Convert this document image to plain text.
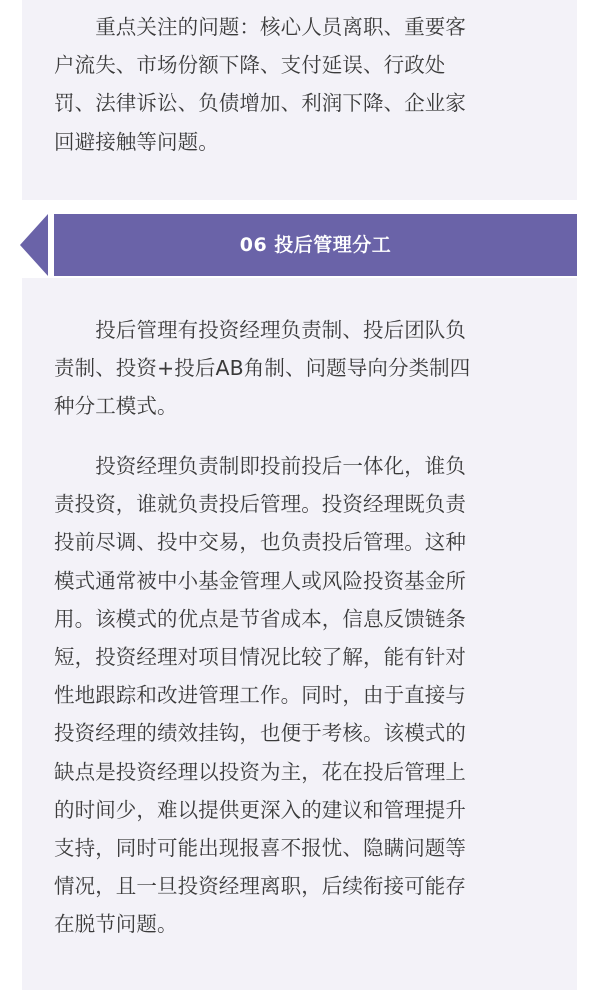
　　重点关注的问题：核心人员离职、重要客
户流失、市场份额下降、支付延误、行政处
罚、法律诉讼、负债增加、利润下降、企业家
回避接触等问题。

06 投后管理分工

　　投后管理有投资经理负责制、投后团队负
责制、投资+投后AB角制、问题导向分类制四
种分工模式。

　　投资经理负责制即投前投后一体化，谁负
责投资，谁就负责投后管理。投资经理既负责
投前尽调、投中交易，也负责投后管理。这种
模式通常被中小基金管理人或风险投资基金所
用。该模式的优点是节省成本，信息反馈链条
短，投资经理对项目情况比较了解，能有针对
性地跟踪和改进管理工作。同时，由于直接与
投资经理的绩效挂钩，也便于考核。该模式的
缺点是投资经理以投资为主，花在投后管理上
的时间少，难以提供更深入的建议和管理提升
支持，同时可能出现报喜不报忧、隐瞒问题等
情况，且一旦投资经理离职，后续衔接可能存
在脱节问题。
